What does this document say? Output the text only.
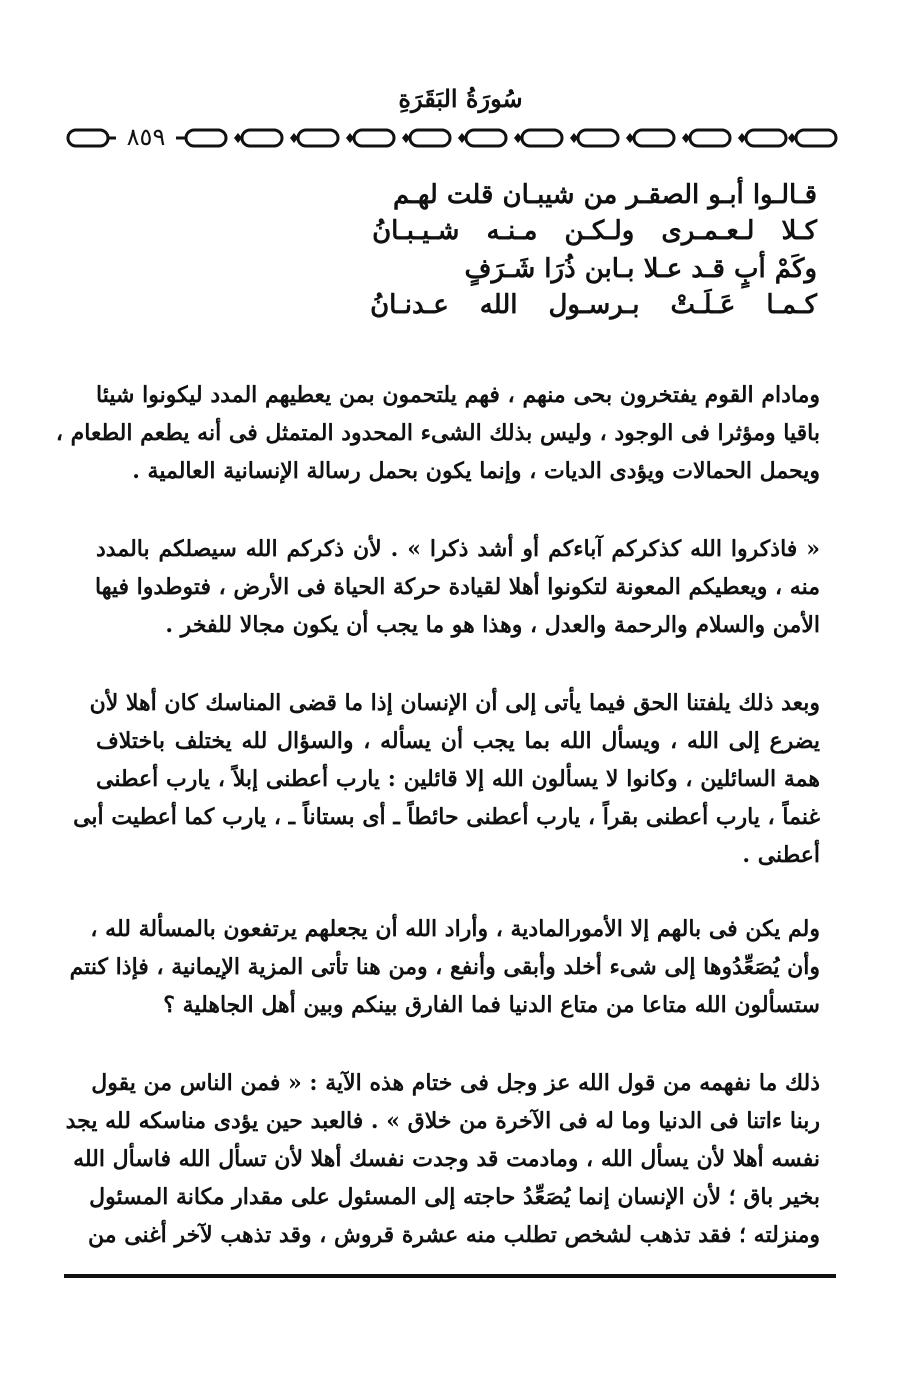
سُورَةُ البَقَرَةِ
٨٥٩
قـالـوا أبـو الصقـر من شيبـان قلت لهـم
كـلا لـعـمـرى ولـكـن مـنـه شـيـبـانُ
وكَمْ أبٍ قـد عـلا بـابن ذُرَا شَـرَفٍ
كـمـا عَـلَـتْ بـرسـول الله عـدنـانُ

ومادام القوم يفتخرون بحى منهم ، فهم يلتحمون بمن يعطيهم المدد ليكونوا شيئا
باقيا ومؤثرا فى الوجود ، وليس بذلك الشىء المحدود المتمثل فى أنه يطعم الطعام ،
ويحمل الحمالات ويؤدى الديات ، وإنما يكون بحمل رسالة الإنسانية العالمية .

« فاذكروا الله كذكركم آباءكم أو أشد ذكرا » . لأن ذكركم الله سيصلكم بالمدد
منه ، ويعطيكم المعونة لتكونوا أهلا لقيادة حركة الحياة فى الأرض ، فتوطدوا فيها
الأمن والسلام والرحمة والعدل ، وهذا هو ما يجب أن يكون مجالا للفخر .

وبعد ذلك يلفتنا الحق فيما يأتى إلى أن الإنسان إذا ما قضى المناسك كان أهلا لأن
يضرع إلى الله ، ويسأل الله بما يجب أن يسأله ، والسؤال لله يختلف باختلاف
همة السائلين ، وكانوا لا يسألون الله إلا قائلين : يارب أعطنى إبلاً ، يارب أعطنى
غنماً ، يارب أعطنى بقراً ، يارب أعطنى حائطاً ـ أى بستاناً ـ ، يارب كما أعطيت أبى
أعطنى .

ولم يكن فى بالهم إلا الأمورالمادية ، وأراد الله أن يجعلهم يرتفعون بالمسألة لله ،
وأن يُصَعِّدُوها إلى شىء أخلد وأبقى وأنفع ، ومن هنا تأتى المزية الإيمانية ، فإذا كنتم
ستسألون الله متاعا من متاع الدنيا فما الفارق بينكم وبين أهل الجاهلية ؟

ذلك ما نفهمه من قول الله عز وجل فى ختام هذه الآية : « فمن الناس من يقول
ربنا ءاتنا فى الدنيا وما له فى الآخرة من خلاق » . فالعبد حين يؤدى مناسكه لله يجد
نفسه أهلا لأن يسأل الله ، ومادمت قد وجدت نفسك أهلا لأن تسأل الله فاسأل الله
بخير باق ؛ لأن الإنسان إنما يُصَعِّدُ حاجته إلى المسئول على مقدار مكانة المسئول
ومنزلته ؛ فقد تذهب لشخص تطلب منه عشرة قروش ، وقد تذهب لآخر أغنى من
